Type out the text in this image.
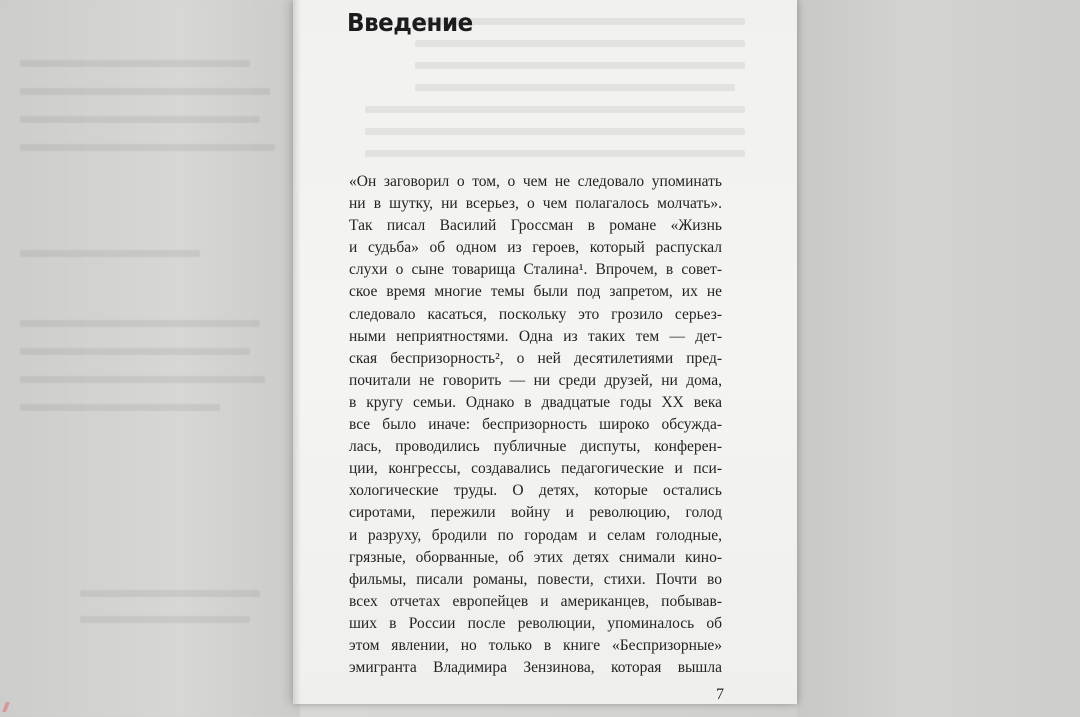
Введение
«Он заговорил о том, о чем не следовало упоминать
ни в шутку, ни всерьез, о чем полагалось молчать».
Так писал Василий Гроссман в романе «Жизнь
и судьба» об одном из героев, который распускал
слухи о сыне товарища Сталина¹. Впрочем, в совет-
ское время многие темы были под запретом, их не
следовало касаться, поскольку это грозило серьез-
ными неприятностями. Одна из таких тем — дет-
ская беспризорность², о ней десятилетиями пред-
почитали не говорить — ни среди друзей, ни дома,
в кругу семьи. Однако в двадцатые годы XX века
все было иначе: беспризорность широко обсужда-
лась, проводились публичные диспуты, конферен-
ции, конгрессы, создавались педагогические и пси-
хологические труды. О детях, которые остались
сиротами, пережили войну и революцию, голод
и разруху, бродили по городам и селам голодные,
грязные, оборванные, об этих детях снимали кино-
фильмы, писали романы, повести, стихи. Почти во
всех отчетах европейцев и американцев, побывав-
ших в России после революции, упоминалось об
этом явлении, но только в книге «Беспризорные»
эмигранта Владимира Зензинова, которая вышла
7
